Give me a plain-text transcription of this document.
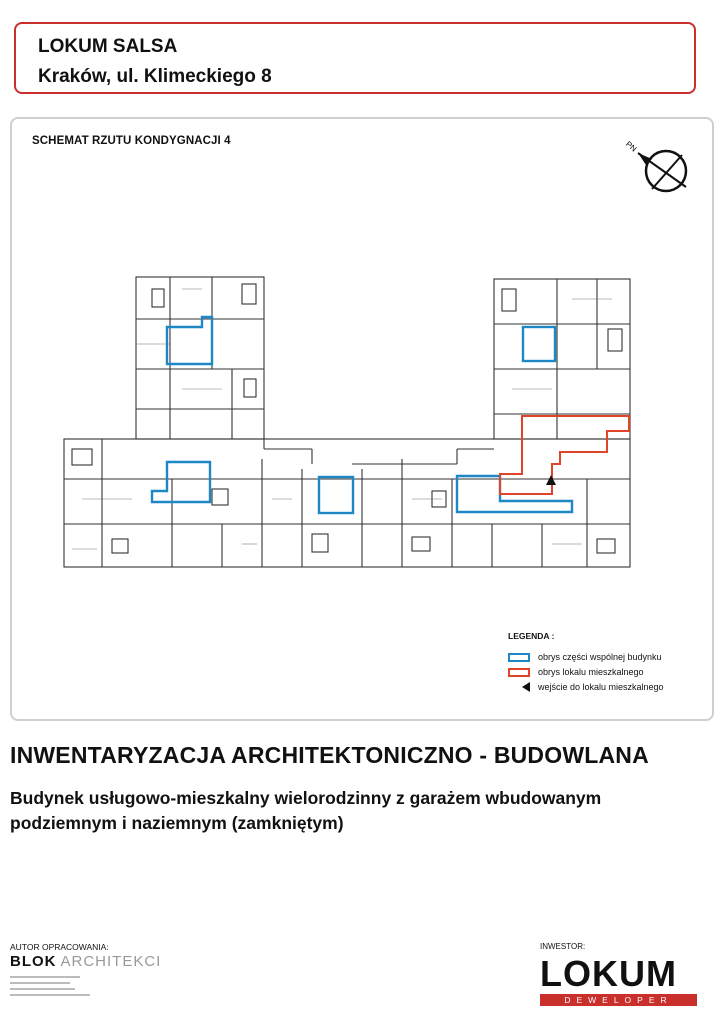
LOKUM SALSA
Kraków, ul. Klimeckiego 8
SCHEMAT RZUTU KONDYGNACJI 4	PN
LEGENDA :
obrys części wspólnej budynku
obrys lokalu mieszkalnego
wejście do lokalu mieszkalnego
INWENTARYZACJA ARCHITEKTONICZNO - BUDOWLANA
Budynek usługowo-mieszkalny wielorodzinny z garażem wbudowanym podziemnym i naziemnym (zamkniętym)
AUTOR OPRACOWANIA:
BLOK ARCHITEKCI
INWESTOR:
LOKUM
DEWELOPER
